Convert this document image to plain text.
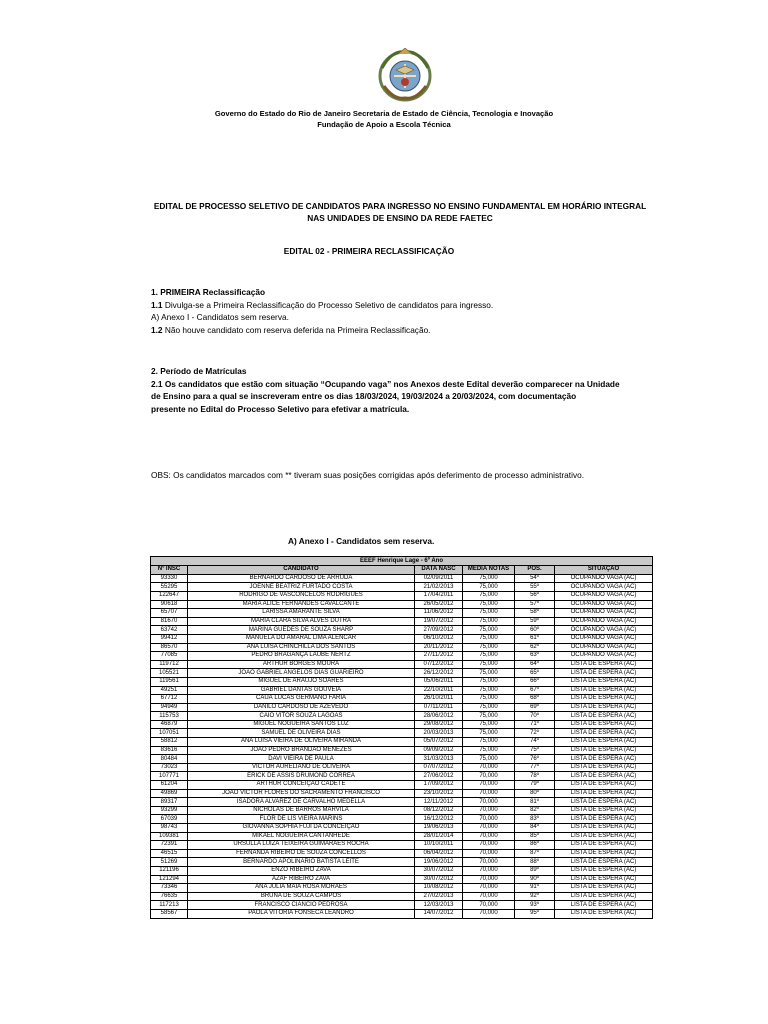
Governo do Estado do Rio de Janeiro Secretaria de Estado de Ciência, Tecnologia e Inovação
Fundação de Apoio a Escola Técnica
EDITAL DE PROCESSO SELETIVO DE CANDIDATOS PARA INGRESSO NO ENSINO FUNDAMENTAL EM HORÁRIO INTEGRAL
NAS UNIDADES DE ENSINO DA REDE FAETEC
EDITAL 02 - PRIMEIRA RECLASSIFICAÇÃO
1. PRIMEIRA Reclassificação
1.1 Divulga-se a Primeira Reclassificação do Processo Seletivo de candidatos para ingresso.
A) Anexo I - Candidatos sem reserva.
1.2 Não houve candidato com reserva deferida na Primeira Reclassificação.
2. Período de Matrículas
2.1 Os candidatos que estão com situação “Ocupando vaga” nos Anexos deste Edital deverão comparecer na Unidade
de Ensino para a qual se inscreveram entre os dias 18/03/2024, 19/03/2024 a 20/03/2024, com documentação
presente no Edital do Processo Seletivo para efetivar a matrícula.
OBS: Os candidatos marcados com ** tiveram suas posições corrigidas após deferimento de processo administrativo.
A) Anexo I - Candidatos sem reserva.
EEEF Henrique Lage - 6º Ano					
Nº INSC	CANDIDATO	DATA NASC	MÉDIA NOTAS	POS.	SITUAÇÃO
93330	BERNARDO CARDOSO DE ARRUDA	02/09/2011	75,000	54º	OCUPANDO VAGA (AC)
55295	JOENNE BEATRIZ FURTADO COSTA	21/02/2013	75,000	55º	OCUPANDO VAGA (AC)
122647	RODRIGO DE VASCONCELOS RODRIGUES	17/04/2011	75,000	56º	OCUPANDO VAGA (AC)
90618	MARIA ALICE FERNANDES CAVALCANTE	26/05/2012	75,000	57º	OCUPANDO VAGA (AC)
65707	LARISSA AMARANTE SILVA	11/06/2012	75,000	58º	OCUPANDO VAGA (AC)
81670	MARIA CLARA SILVA ALVES DUTRA	19/07/2012	75,000	59º	OCUPANDO VAGA (AC)
63742	MARINA GUEDES DE SOUZA SHARP	27/09/2012	75,000	60º	OCUPANDO VAGA (AC)
99412	MANUELA DO AMARAL LIMA ALENCAR	06/10/2012	75,000	61º	OCUPANDO VAGA (AC)
86570	ANA LUISA CHINCHILLA DOS SANTOS	20/11/2012	75,000	62º	OCUPANDO VAGA (AC)
77085	PEDRO BRAGANÇA LAUBE NERTZ	27/11/2012	75,000	63º	OCUPANDO VAGA (AC)
119712	ARTHUR BORGES MOURA	07/12/2012	75,000	64º	LISTA DE ESPERA (AC)
105521	JOAO GABRIEL ANGELOS DIAS GUARIEIRO	26/12/2012	75,000	65º	LISTA DE ESPERA (AC)
119561	MIGUEL DE ARAUJO SOARES	05/06/2011	75,000	66º	LISTA DE ESPERA (AC)
49251	GABRIEL DANTAS GOUVEIA	22/10/2011	75,000	67º	LISTA DE ESPERA (AC)
67712	CAUÃ LUCAS GERMANO FARIA	26/10/2011	75,000	68º	LISTA DE ESPERA (AC)
94949	DANILO CARDOSO DE AZEVEDO	07/11/2011	75,000	69º	LISTA DE ESPERA (AC)
115753	CAIO VITOR SOUZA LAGOAS	28/06/2012	75,000	70º	LISTA DE ESPERA (AC)
46879	MIGUEL NOGUEIRA SANTOS LUZ	29/08/2012	75,000	71º	LISTA DE ESPERA (AC)
107051	SAMUEL DE OLIVEIRA DIAS	20/03/2013	75,000	72º	LISTA DE ESPERA (AC)
58812	ANA LUISA VIEIRA DE OLIVEIRA MIRANDA	05/07/2012	75,000	74º	LISTA DE ESPERA (AC)
83616	JOAO PEDRO BRANDÃO MENEZES	09/09/2012	75,000	75º	LISTA DE ESPERA (AC)
80484	DAVI VIEIRA DE PAULA	31/03/2013	75,000	76º	LISTA DE ESPERA (AC)
73023	VICTOR AURELIANO DE OLIVEIRA	07/07/2012	70,000	77º	LISTA DE ESPERA (AC)
107771	ERICK DE ASSIS DRUMOND CORREA	27/06/2012	70,000	78º	LISTA DE ESPERA (AC)
61204	ARTHUR CONCEIÇÃO CADETE	17/09/2012	70,000	79º	LISTA DE ESPERA (AC)
49869	JOÃO VICTOR FLORES DO SACRAMENTO FRANCISCO	23/10/2012	70,000	80º	LISTA DE ESPERA (AC)
89317	ISADORA ALVAREZ DE CARVALHO MEDELLA	12/11/2012	70,000	81º	LISTA DE ESPERA (AC)
93299	NICHOLAS DE BARROS MARVILA	08/12/2012	70,000	82º	LISTA DE ESPERA (AC)
67039	FLOR DE LÍS VIEIRA MARINS	16/12/2012	70,000	83º	LISTA DE ESPERA (AC)
98743	GIOVANNA SOPHIA FUJI DA CONCEIÇÃO	19/06/2013	70,000	84º	LISTA DE ESPERA (AC)
109381	MIKAEL NOGUEIRA CANTANHEDE	28/01/2014	70,000	85º	LISTA DE ESPERA (AC)
72391	ÚRSULLA LUIZA TEIXEIRA GUIMARÃES ROCHA	10/10/2011	70,000	86º	LISTA DE ESPERA (AC)
46515	FERNANDA RIBEIRO DE SOUZA CONCELLOS	06/04/2012	70,000	87º	LISTA DE ESPERA (AC)
51269	BERNARDO APOLINARIO BATISTA LEITE	19/06/2012	70,000	88º	LISTA DE ESPERA (AC)
121196	ENZO RIBEIRO ZAVA	30/07/2012	70,000	89º	LISTA DE ESPERA (AC)
121294	AZAF RIBEIRO ZAVA	30/07/2012	70,000	90º	LISTA DE ESPERA (AC)
73346	ANA JÚLIA MAIA ROSA MORAES	10/08/2012	70,000	91º	LISTA DE ESPERA (AC)
76635	BRUNA DE SOUZA CAMPOS	27/02/2013	70,000	92º	LISTA DE ESPERA (AC)
117213	FRANCISCO CIANCIO PEDROSA	12/03/2013	70,000	93º	LISTA DE ESPERA (AC)
58567	PAOLA VITÓRIA FONSECA LEANDRO	14/07/2012	70,000	95º	LISTA DE ESPERA (AC)
